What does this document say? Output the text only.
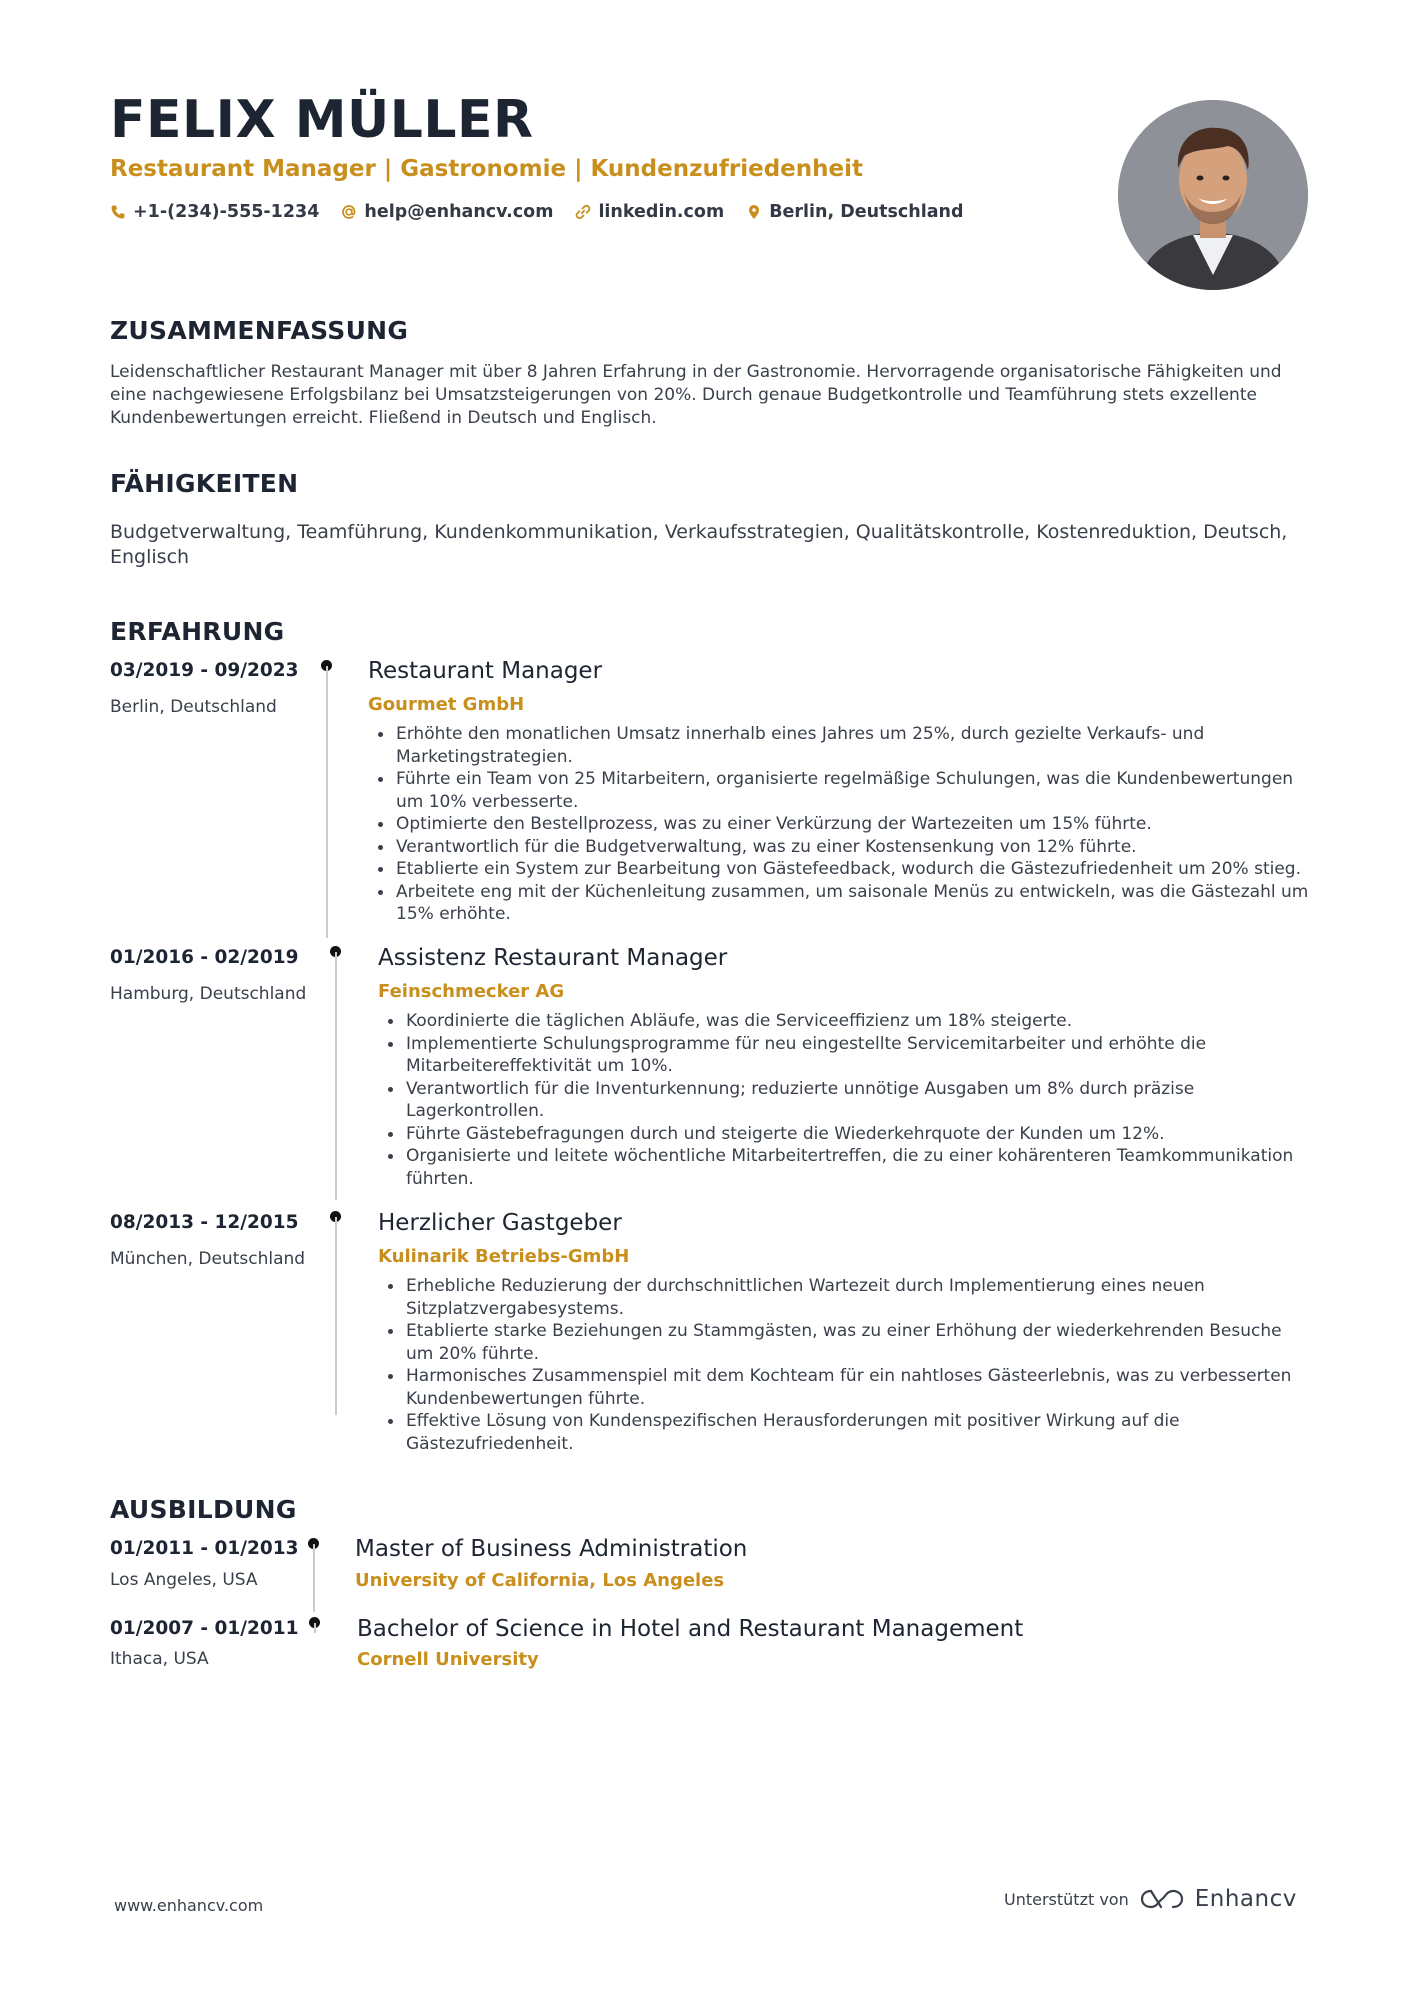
FELIX MÜLLER
Restaurant Manager | Gastronomie | Kundenzufriedenheit
+1-(234)-555-1234	help@enhancv.com	linkedin.com	Berlin, Deutschland
ZUSAMMENFASSUNG
Leidenschaftlicher Restaurant Manager mit über 8 Jahren Erfahrung in der Gastronomie. Hervorragende organisatorische Fähigkeiten und eine nachgewiesene Erfolgsbilanz bei Umsatzsteigerungen von 20%. Durch genaue Budgetkontrolle und Teamführung stets exzellente Kundenbewertungen erreicht. Fließend in Deutsch und Englisch.
FÄHIGKEITEN
Budgetverwaltung, Teamführung, Kundenkommunikation, Verkaufsstrategien, Qualitätskontrolle, Kostenreduktion, Deutsch, Englisch
ERFAHRUNG
03/2019 - 09/2023
Berlin, Deutschland
Restaurant Manager
Gourmet GmbH
Erhöhte den monatlichen Umsatz innerhalb eines Jahres um 25%, durch gezielte Verkaufs- und Marketingstrategien.
Führte ein Team von 25 Mitarbeitern, organisierte regelmäßige Schulungen, was die Kundenbewertungen um 10% verbesserte.
Optimierte den Bestellprozess, was zu einer Verkürzung der Wartezeiten um 15% führte.
Verantwortlich für die Budgetverwaltung, was zu einer Kostensenkung von 12% führte.
Etablierte ein System zur Bearbeitung von Gästefeedback, wodurch die Gästezufriedenheit um 20% stieg.
Arbeitete eng mit der Küchenleitung zusammen, um saisonale Menüs zu entwickeln, was die Gästezahl um 15% erhöhte.
01/2016 - 02/2019
Hamburg, Deutschland
Assistenz Restaurant Manager
Feinschmecker AG
Koordinierte die täglichen Abläufe, was die Serviceeffizienz um 18% steigerte.
Implementierte Schulungsprogramme für neu eingestellte Servicemitarbeiter und erhöhte die Mitarbeitereffektivität um 10%.
Verantwortlich für die Inventurkennung; reduzierte unnötige Ausgaben um 8% durch präzise Lagerkontrollen.
Führte Gästebefragungen durch und steigerte die Wiederkehrquote der Kunden um 12%.
Organisierte und leitete wöchentliche Mitarbeitertreffen, die zu einer kohärenteren Teamkommunikation führten.
08/2013 - 12/2015
München, Deutschland
Herzlicher Gastgeber
Kulinarik Betriebs-GmbH
Erhebliche Reduzierung der durchschnittlichen Wartezeit durch Implementierung eines neuen Sitzplatzvergabesystems.
Etablierte starke Beziehungen zu Stammgästen, was zu einer Erhöhung der wiederkehrenden Besuche um 20% führte.
Harmonisches Zusammenspiel mit dem Kochteam für ein nahtloses Gästeerlebnis, was zu verbesserten Kundenbewertungen führte.
Effektive Lösung von Kundenspezifischen Herausforderungen mit positiver Wirkung auf die Gästezufriedenheit.
AUSBILDUNG
01/2011 - 01/2013
Los Angeles, USA
Master of Business Administration
University of California, Los Angeles
01/2007 - 01/2011
Ithaca, USA
Bachelor of Science in Hotel and Restaurant Management
Cornell University
www.enhancv.com	Unterstützt von	Enhancv
